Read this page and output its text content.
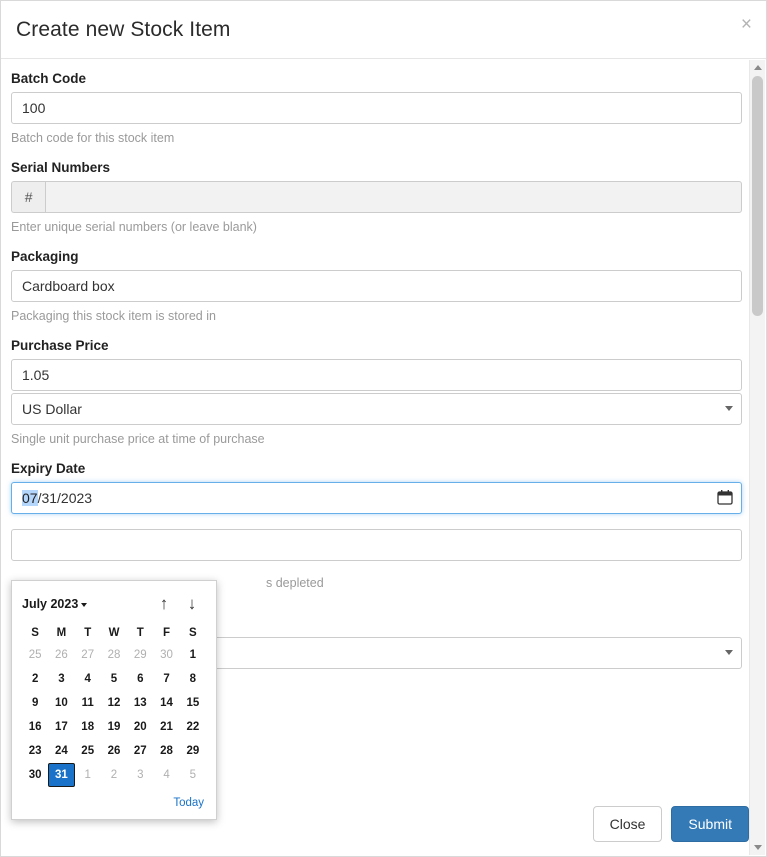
Create new Stock Item	×
Batch Code
100
Batch code for this stock item
Serial Numbers
#
Enter unique serial numbers (or leave blank)
Packaging
Cardboard box
Packaging this stock item is stored in
Purchase Price
1.05
US Dollar
Single unit purchase price at time of purchase
Expiry Date
07/31/2023
s depleted
July 2023	↑	↓
S	M	T	W	T	F	S
25	26	27	28	29	30	1
2	3	4	5	6	7	8
9	10	11	12	13	14	15
16	17	18	19	20	21	22
23	24	25	26	27	28	29
30	31	1	2	3	4	5
Today
Close	Submit
